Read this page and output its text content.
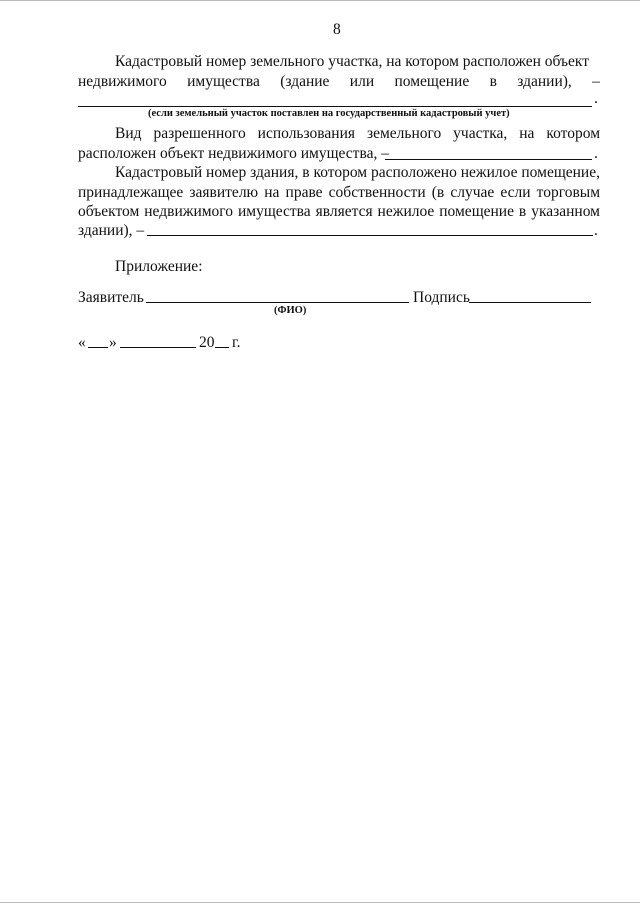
8
Кадастровый номер земельного участка, на котором расположен объект
недвижимого имущества (здание или помещение в здании), –
.
(если земельный участок поставлен на государственный кадастровый учет)
Вид разрешенного использования земельного участка, на котором
расположен объект недвижимого имущества, –	.
Кадастровый номер здания, в котором расположено нежилое помещение,
принадлежащее заявителю на праве собственности (в случае если торговым
объектом недвижимого имущества является нежилое помещение в указанном
здании), –	.
Приложение:
Заявитель	Подпись
(ФИО)
« »	20 г.
